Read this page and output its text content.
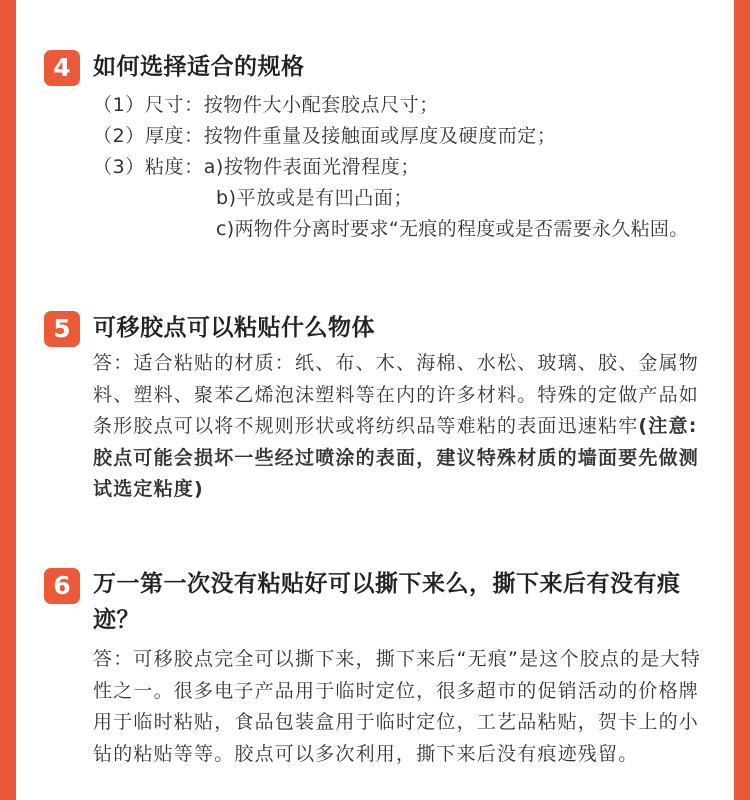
4 如何选择适合的规格
（1）尺寸：按物件大小配套胶点尺寸；
（2）厚度：按物件重量及接触面或厚度及硬度而定；
（3）粘度：a)按物件表面光滑程度；
b)平放或是有凹凸面；
c)两物件分离时要求“无痕的程度或是否需要永久粘固。
5 可移胶点可以粘贴什么物体
答：适合粘贴的材质：纸、布、木、海棉、水松、玻璃、胶、金属物料、塑料、聚苯乙烯泡沫塑料等在内的许多材料。特殊的定做产品如条形胶点可以将不规则形状或将纺织品等难粘的表面迅速粘牢(注意:胶点可能会损坏一些经过喷涂的表面，建议特殊材质的墙面要先做测试选定粘度)
6 万一第一次没有粘贴好可以撕下来么，撕下来后有没有痕迹？
答：可移胶点完全可以撕下来，撕下来后“无痕”是这个胶点的是大特性之一。很多电子产品用于临时定位，很多超市的促销活动的价格牌用于临时粘贴，食品包装盒用于临时定位，工艺品粘贴，贺卡上的小钻的粘贴等等。胶点可以多次利用，撕下来后没有痕迹残留。
